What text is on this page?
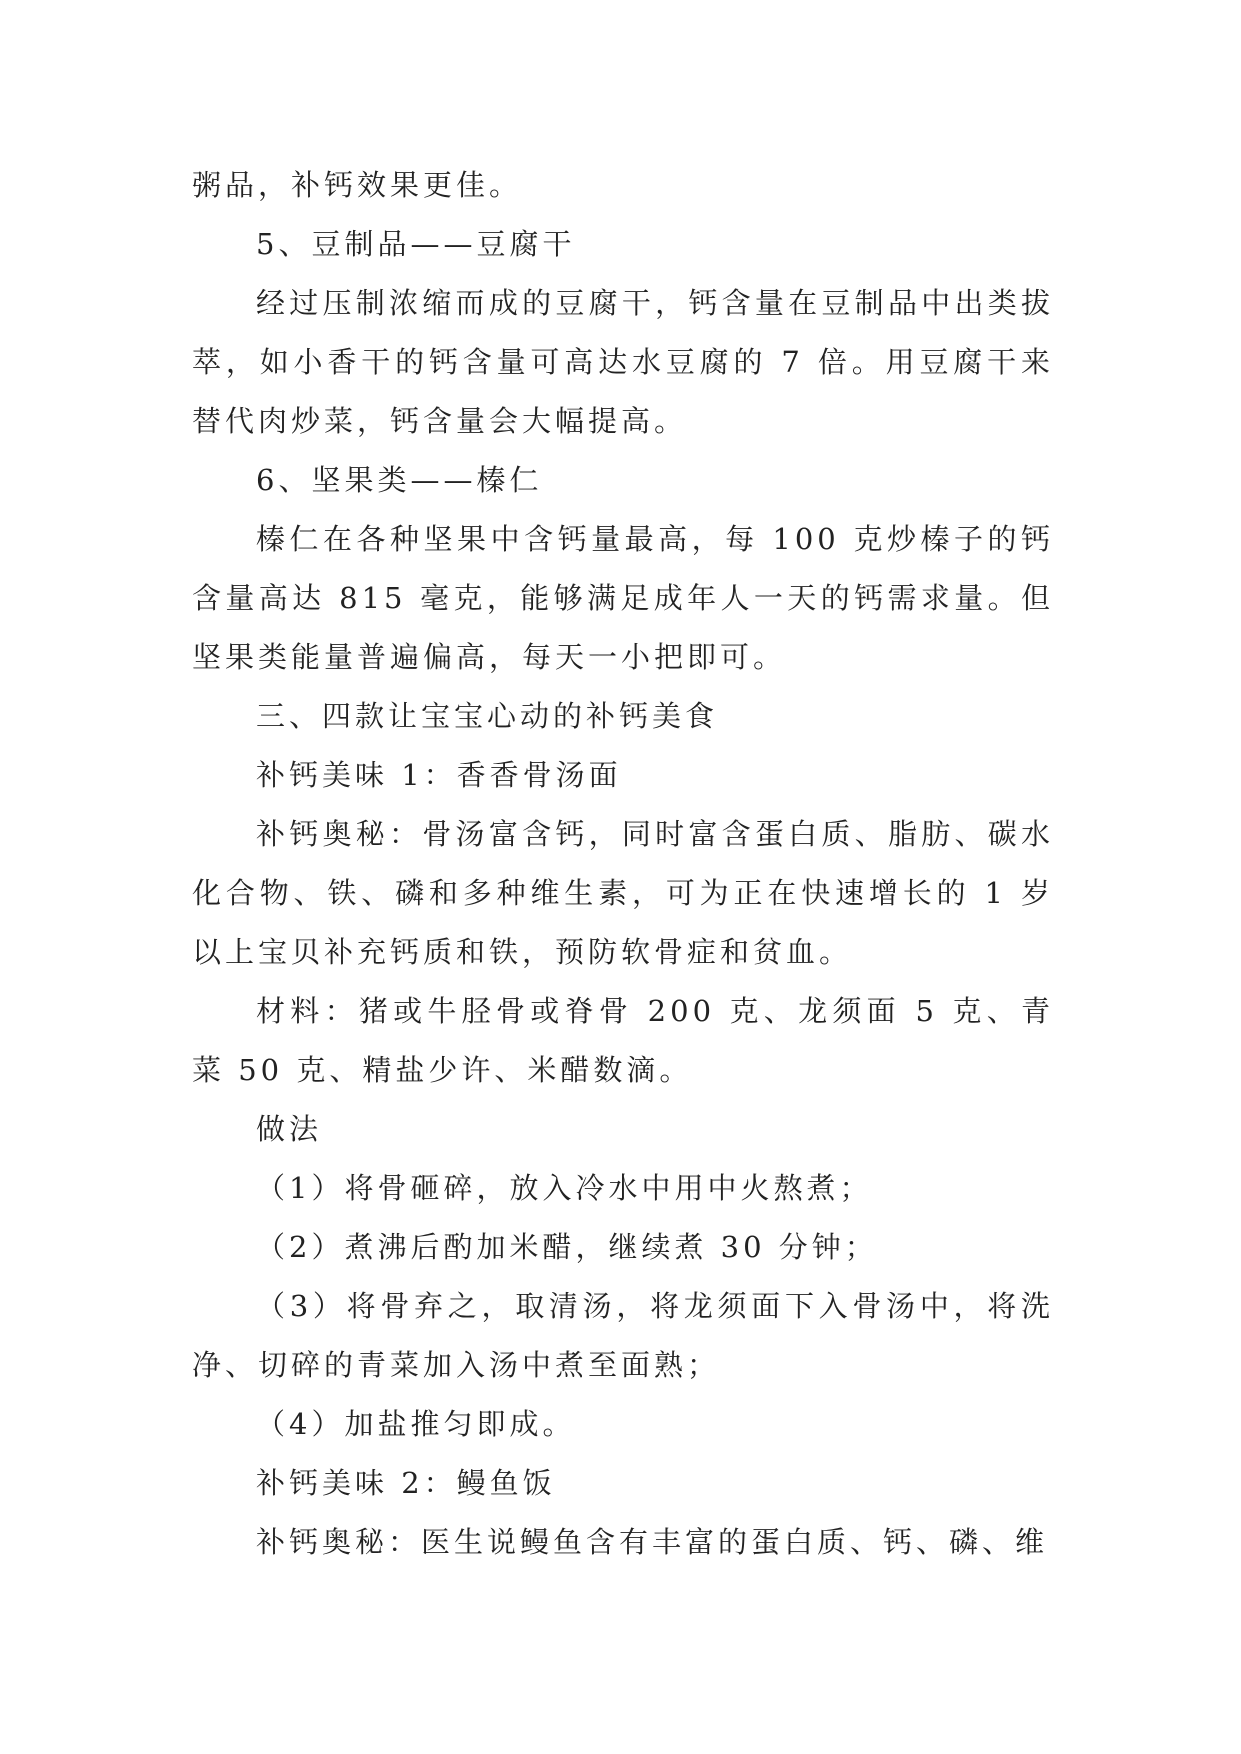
粥品，补钙效果更佳。

5、豆制品——豆腐干

经过压制浓缩而成的豆腐干，钙含量在豆制品中出类拔萃，如小香干的钙含量可高达水豆腐的 7 倍。用豆腐干来替代肉炒菜，钙含量会大幅提高。

6、坚果类——榛仁

榛仁在各种坚果中含钙量最高，每 100 克炒榛子的钙含量高达 815 毫克，能够满足成年人一天的钙需求量。但坚果类能量普遍偏高，每天一小把即可。

三、四款让宝宝心动的补钙美食

补钙美味 1：香香骨汤面

补钙奥秘：骨汤富含钙，同时富含蛋白质、脂肪、碳水化合物、铁、磷和多种维生素，可为正在快速增长的 1 岁以上宝贝补充钙质和铁，预防软骨症和贫血。

材料：猪或牛胫骨或脊骨 200 克、龙须面 5 克、青菜 50 克、精盐少许、米醋数滴。

做法

（1）将骨砸碎，放入冷水中用中火熬煮；

（2）煮沸后酌加米醋，继续煮 30 分钟；

（3）将骨弃之，取清汤，将龙须面下入骨汤中，将洗净、切碎的青菜加入汤中煮至面熟；

（4）加盐推匀即成。

补钙美味 2：鳗鱼饭

补钙奥秘：医生说鳗鱼含有丰富的蛋白质、钙、磷、维
